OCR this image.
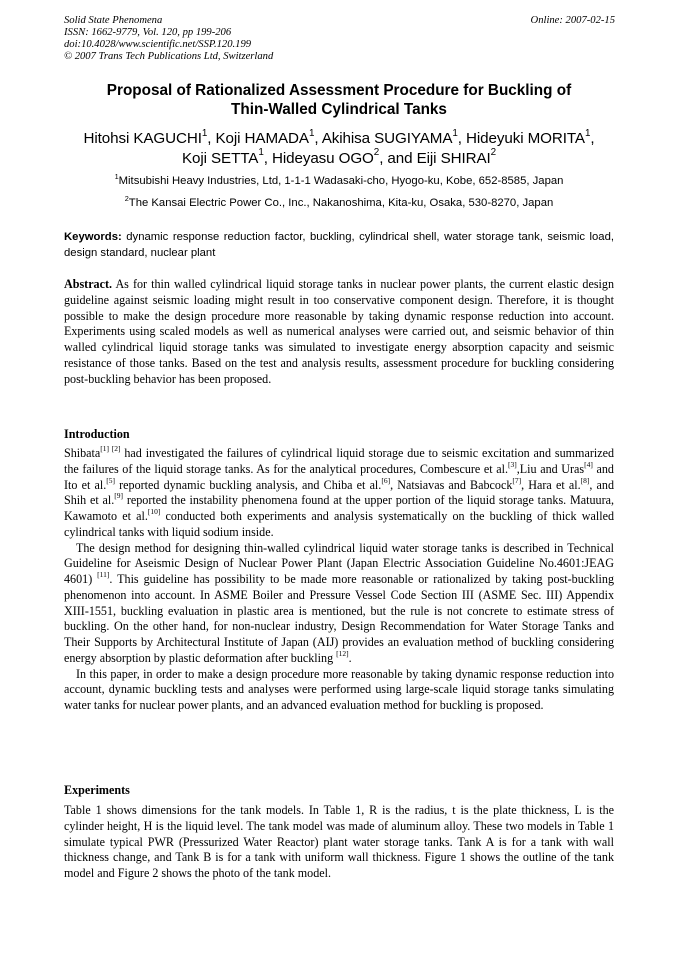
Solid State Phenomena
ISSN: 1662-9779, Vol. 120, pp 199-206
doi:10.4028/www.scientific.net/SSP.120.199
© 2007 Trans Tech Publications Ltd, Switzerland
Online: 2007-02-15
Proposal of Rationalized Assessment Procedure for Buckling of
Thin-Walled Cylindrical Tanks
Hitohsi KAGUCHI$^1$, Koji HAMADA$^1$, Akihisa SUGIYAMA$^1$, Hideyuki MORITA$^1$,
Koji SETTA$^1$, Hideyasu OGO$^2$, and Eiji SHIRAI$^2$
$^1$Mitsubishi Heavy Industries, Ltd, 1-1-1 Wadasaki-cho, Hyogo-ku, Kobe, 652-8585, Japan
$^2$The Kansai Electric Power Co., Inc., Nakanoshima, Kita-ku, Osaka, 530-8270, Japan
Keywords: dynamic response reduction factor, buckling, cylindrical shell, water storage tank, seismic load, design standard, nuclear plant

Abstract. As for thin walled cylindrical liquid storage tanks in nuclear power plants, the current elastic design guideline against seismic loading might result in too conservative component design. Therefore, it is thought possible to make the design procedure more reasonable by taking dynamic response reduction into account. Experiments using scaled models as well as numerical analyses were carried out, and seismic behavior of thin walled cylindrical liquid storage tanks was simulated to investigate energy absorption capacity and seismic resistance of those tanks. Based on the test and analysis results, assessment procedure for buckling considering post-buckling behavior has been proposed.

Introduction

Shibata[1] [2] had investigated the failures of cylindrical liquid storage due to seismic excitation and summarized the failures of the liquid storage tanks. As for the analytical procedures, Combescure et al.[3],Liu and Uras[4] and Ito et al.[5] reported dynamic buckling analysis, and Chiba et al.[6], Natsiavas and Babcock[7], Hara et al.[8], and Shih et al.[9] reported the instability phenomena found at the upper portion of the liquid storage tanks. Matuura, Kawamoto et al.[10] conducted both experiments and analysis systematically on the buckling of thick walled cylindrical tanks with liquid sodium inside.

The design method for designing thin-walled cylindrical liquid water storage tanks is described in Technical Guideline for Aseismic Design of Nuclear Power Plant (Japan Electric Association Guideline No.4601:JEAG 4601) [11]. This guideline has possibility to be made more reasonable or rationalized by taking post-buckling phenomenon into account. In ASME Boiler and Pressure Vessel Code Section III (ASME Sec. III) Appendix XIII-1551, buckling evaluation in plastic area is mentioned, but the rule is not concrete to estimate stress of buckling. On the other hand, for non-nuclear industry, Design Recommendation for Water Storage Tanks and Their Supports by Architectural Institute of Japan (AIJ) provides an evaluation method of buckling considering energy absorption by plastic deformation after buckling [12].

In this paper, in order to make a design procedure more reasonable by taking dynamic response reduction into account, dynamic buckling tests and analyses were performed using large-scale liquid storage tanks simulating water tanks for nuclear power plants, and an advanced evaluation method for buckling is proposed.

Experiments

Table 1 shows dimensions for the tank models. In Table 1, R is the radius, t is the plate thickness, L is the cylinder height, H is the liquid level. The tank model was made of aluminum alloy. These two models in Table 1 simulate typical PWR (Pressurized Water Reactor) plant water storage tanks. Tank A is for a tank with wall thickness change, and Tank B is for a tank with uniform wall thickness. Figure 1 shows the outline of the tank model and Figure 2 shows the photo of the tank model.
